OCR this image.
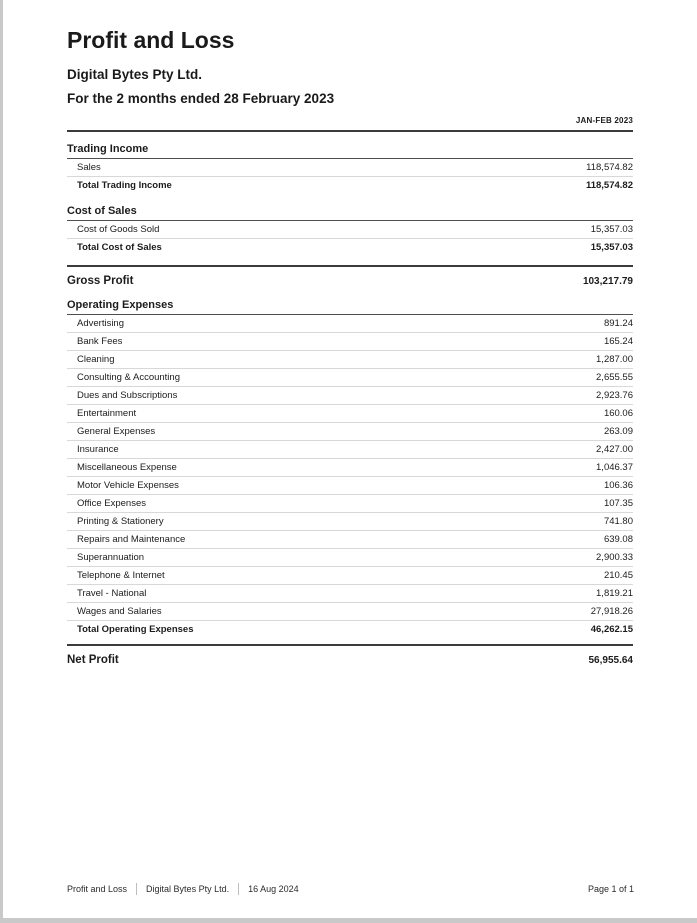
Profit and Loss
Digital Bytes Pty Ltd.
For the 2 months ended 28 February 2023
JAN-FEB 2023
Trading Income
Sales	118,574.82
Total Trading Income	118,574.82
Cost of Sales
Cost of Goods Sold	15,357.03
Total Cost of Sales	15,357.03
Gross Profit	103,217.79
Operating Expenses
Advertising	891.24
Bank Fees	165.24
Cleaning	1,287.00
Consulting & Accounting	2,655.55
Dues and Subscriptions	2,923.76
Entertainment	160.06
General Expenses	263.09
Insurance	2,427.00
Miscellaneous Expense	1,046.37
Motor Vehicle Expenses	106.36
Office Expenses	107.35
Printing & Stationery	741.80
Repairs and Maintenance	639.08
Superannuation	2,900.33
Telephone & Internet	210.45
Travel - National	1,819.21
Wages and Salaries	27,918.26
Total Operating Expenses	46,262.15
Net Profit	56,955.64
Profit and Loss	Digital Bytes Pty Ltd.	16 Aug 2024	Page 1 of 1
